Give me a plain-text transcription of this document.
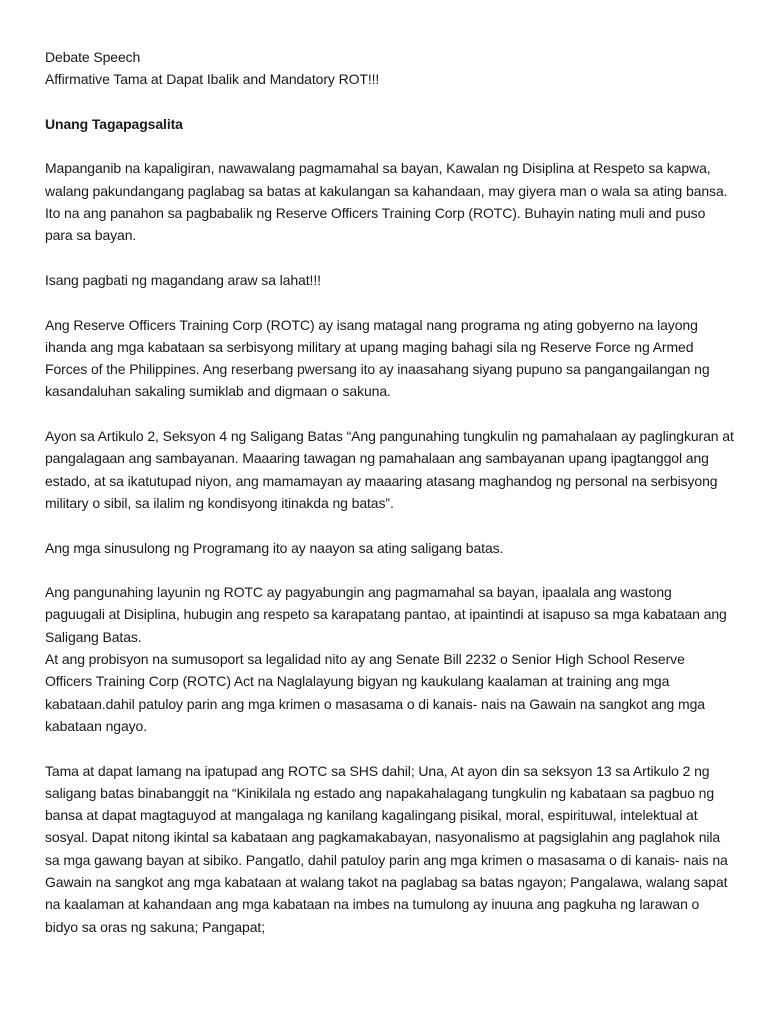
Debate Speech
Affirmative Tama at Dapat Ibalik and Mandatory ROT!!!
Unang Tagapagsalita
Mapanganib na kapaligiran, nawawalang pagmamahal sa bayan, Kawalan ng Disiplina at Respeto sa kapwa, walang pakundangang paglabag sa batas at kakulangan sa kahandaan, may giyera man o wala sa ating bansa. Ito na ang panahon sa pagbabalik ng Reserve Officers Training Corp (ROTC). Buhayin nating muli and puso para sa bayan.
Isang pagbati ng magandang araw sa lahat!!!
Ang Reserve Officers Training Corp (ROTC) ay isang matagal nang programa ng ating gobyerno na layong ihanda ang mga kabataan sa serbisyong military at upang maging bahagi sila ng Reserve Force ng Armed Forces of the Philippines. Ang reserbang pwersang ito ay inaasahang siyang pupuno sa pangangailangan ng kasandaluhan sakaling sumiklab and digmaan o sakuna.
Ayon sa Artikulo 2, Seksyon 4 ng Saligang Batas “Ang pangunahing tungkulin ng pamahalaan ay paglingkuran at pangalagaan ang sambayanan. Maaaring tawagan ng pamahalaan ang sambayanan upang ipagtanggol ang estado, at sa ikatutupad niyon, ang mamamayan ay maaaring atasang maghandog ng personal na serbisyong military o sibil, sa ilalim ng kondisyong itinakda ng batas”.
Ang mga sinusulong ng Programang ito ay naayon sa ating saligang batas.
Ang pangunahing layunin ng ROTC ay pagyabungin ang pagmamahal sa bayan, ipaalala ang wastong paguugali at Disiplina, hubugin ang respeto sa karapatang pantao, at ipaintindi at isapuso sa mga kabataan ang Saligang Batas.
At ang probisyon na sumusoport sa legalidad nito ay ang Senate Bill 2232 o Senior High School Reserve Officers Training Corp (ROTC) Act na Naglalayung bigyan ng kaukulang kaalaman at training ang mga kabataan.dahil patuloy parin ang mga krimen o masasama o di kanais- nais na Gawain na sangkot ang mga kabataan ngayo.
Tama at dapat lamang na ipatupad ang ROTC sa SHS dahil; Una, At ayon din sa seksyon 13 sa Artikulo 2 ng saligang batas binabanggit na “Kinikilala ng estado ang napakahalagang tungkulin ng kabataan sa pagbuo ng bansa at dapat magtaguyod at mangalaga ng kanilang kagalingang pisikal, moral, espirituwal, intelektual at sosyal. Dapat nitong ikintal sa kabataan ang pagkamakabayan, nasyonalismo at pagsiglahin ang paglahok nila sa mga gawang bayan at sibiko. Pangatlo, dahil patuloy parin ang mga krimen o masasama o di kanais- nais na Gawain na sangkot ang mga kabataan at walang takot na paglabag sa batas ngayon; Pangalawa, walang sapat na kaalaman at kahandaan ang mga kabataan na imbes na tumulong ay inuuna ang pagkuha ng larawan o bidyo sa oras ng sakuna; Pangapat;
